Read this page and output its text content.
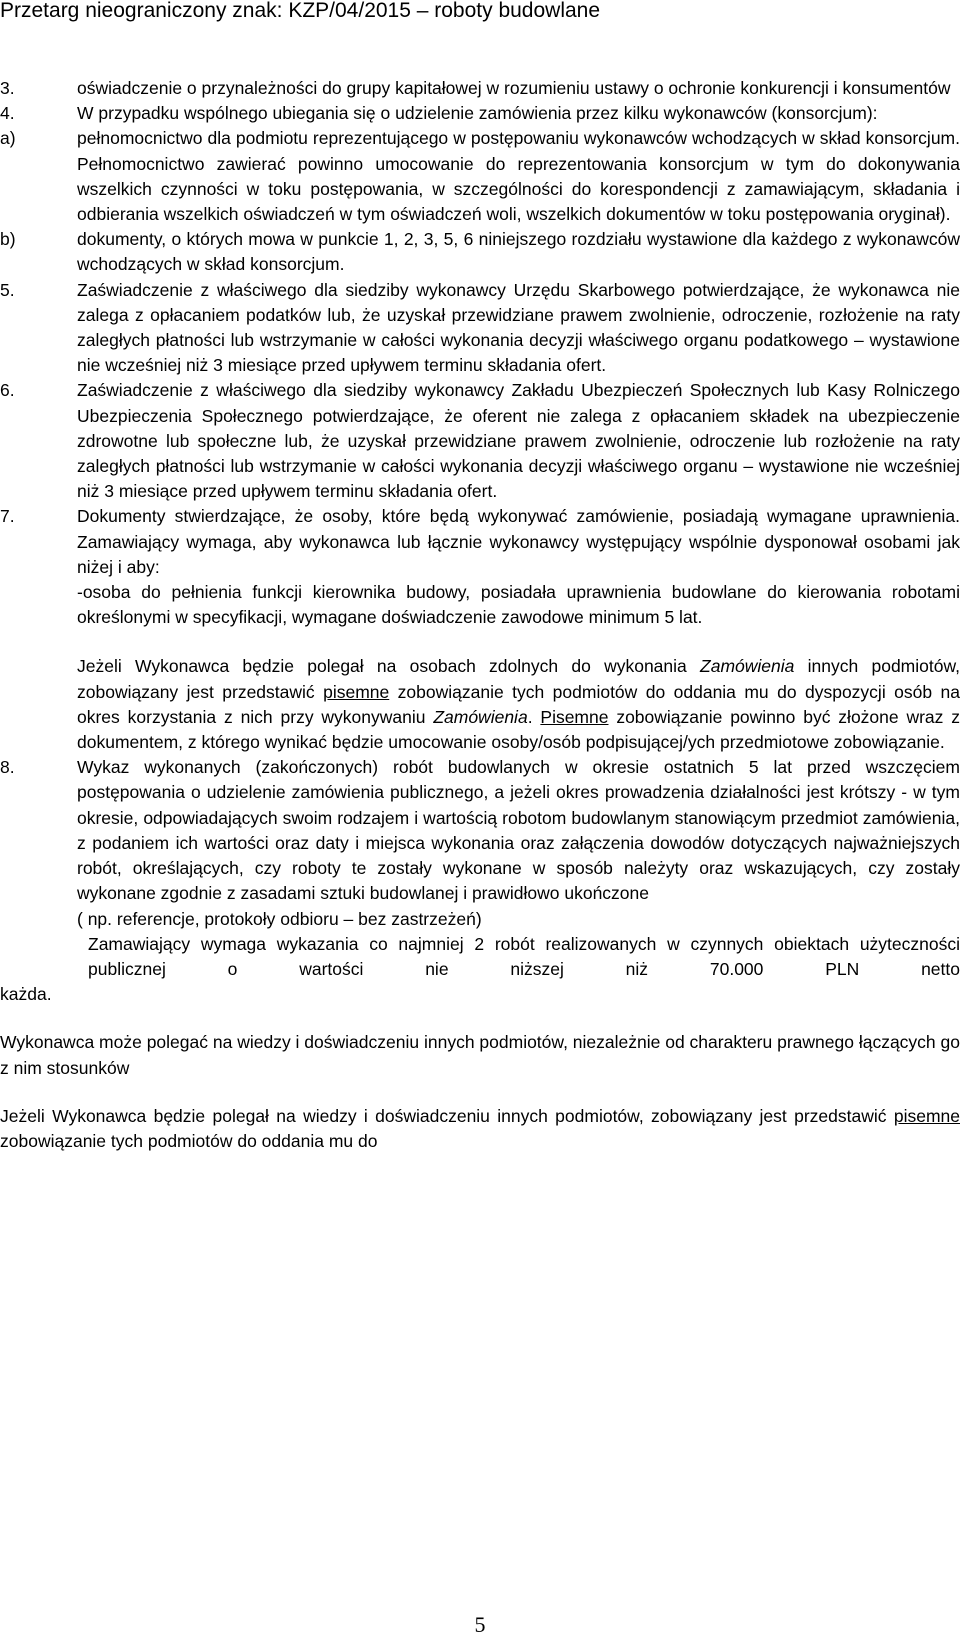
Przetarg nieograniczony znak: KZP/04/2015 – roboty budowlane
3.	oświadczenie o przynależności do grupy kapitałowej w rozumieniu ustawy o ochronie konkurencji i konsumentów
4.	W przypadku wspólnego ubiegania się o udzielenie zamówienia przez kilku wykonawców (konsorcjum):
a)	pełnomocnictwo dla podmiotu reprezentującego w postępowaniu wykonawców wchodzących w skład konsorcjum. Pełnomocnictwo zawierać powinno umocowanie do reprezentowania konsorcjum w tym do dokonywania wszelkich czynności w toku postępowania, w szczególności do korespondencji z zamawiającym, składania i odbierania wszelkich oświadczeń w tym oświadczeń woli, wszelkich dokumentów w toku postępowania oryginał).
b)	dokumenty, o których mowa w punkcie 1, 2, 3, 5, 6 niniejszego rozdziału wystawione dla każdego z wykonawców wchodzących w skład konsorcjum.
5.	Zaświadczenie z właściwego dla siedziby wykonawcy Urzędu Skarbowego potwierdzające, że wykonawca nie zalega z opłacaniem podatków lub, że uzyskał przewidziane prawem zwolnienie, odroczenie, rozłożenie na raty zaległych płatności lub wstrzymanie w całości wykonania decyzji właściwego organu podatkowego – wystawione nie wcześniej niż 3 miesiące przed upływem terminu składania ofert.
6.	Zaświadczenie z właściwego dla siedziby wykonawcy Zakładu Ubezpieczeń Społecznych lub Kasy Rolniczego Ubezpieczenia Społecznego potwierdzające, że oferent nie zalega z opłacaniem składek na ubezpieczenie zdrowotne lub społeczne lub, że uzyskał przewidziane prawem zwolnienie, odroczenie lub rozłożenie na raty zaległych płatności lub wstrzymanie w całości wykonania decyzji właściwego organu – wystawione nie wcześniej niż 3 miesiące przed upływem terminu składania ofert.
7.	Dokumenty stwierdzające, że osoby, które będą wykonywać zamówienie, posiadają wymagane uprawnienia. Zamawiający wymaga, aby wykonawca lub łącznie wykonawcy występujący wspólnie dysponował osobami jak niżej i aby:
-osoba do pełnienia funkcji kierownika budowy, posiadała uprawnienia budowlane do kierowania robotami określonymi w specyfikacji, wymagane doświadczenie zawodowe minimum 5 lat.
Jeżeli Wykonawca będzie polegał na osobach zdolnych do wykonania Zamówienia innych podmiotów, zobowiązany jest przedstawić pisemne zobowiązanie tych podmiotów do oddania mu do dyspozycji osób na okres korzystania z nich przy wykonywaniu Zamówienia. Pisemne zobowiązanie powinno być złożone wraz z dokumentem, z którego wynikać będzie umocowanie osoby/osób podpisującej/ych przedmiotowe zobowiązanie.
8.	Wykaz wykonanych (zakończonych) robót budowlanych w okresie ostatnich 5 lat przed wszczęciem postępowania o udzielenie zamówienia publicznego, a jeżeli okres prowadzenia działalności jest krótszy - w tym okresie, odpowiadających swoim rodzajem i wartością robotom budowlanym stanowiącym przedmiot zamówienia, z podaniem ich wartości oraz daty i miejsca wykonania oraz załączenia dowodów dotyczących najważniejszych robót, określających, czy roboty te zostały wykonane w sposób należyty oraz wskazujących, czy zostały wykonane zgodnie z zasadami sztuki budowlanej i prawidłowo ukończone
( np. referencje, protokoły odbioru – bez zastrzeżeń)
Zamawiający wymaga wykazania co najmniej 2 robót realizowanych w czynnych obiektach użyteczności publicznej o wartości nie niższej niż 70.000 PLN netto
każda.
Wykonawca może polegać na wiedzy i doświadczeniu innych podmiotów, niezależnie od charakteru prawnego łączących go z nim stosunków
Jeżeli Wykonawca będzie polegał na wiedzy i doświadczeniu innych podmiotów, zobowiązany jest przedstawić pisemne zobowiązanie tych podmiotów do oddania mu do
5
